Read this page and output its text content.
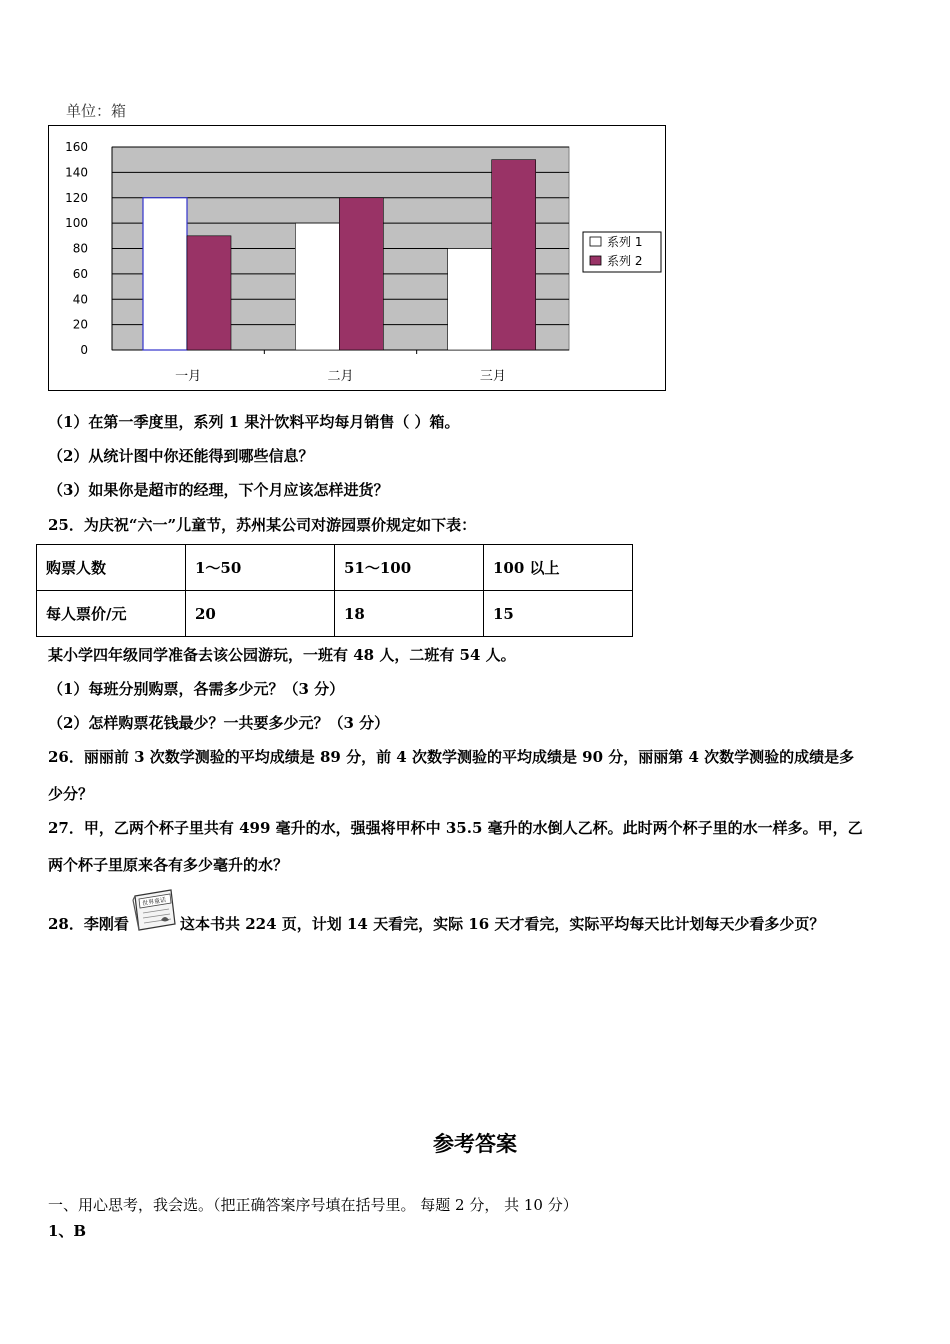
单位：箱
0
20
40
60
80
100
120
140
160
一月	二月	三月
系列 1
系列 2
（1）在第一季度里，系列 1 果汁饮料平均每月销售（ ）箱。
（2）从统计图中你还能得到哪些信息？
（3）如果你是超市的经理，下个月应该怎样进货？
25．为庆祝“六一”儿童节，苏州某公司对游园票价规定如下表：
购票人数	1～50	51～100	100 以上
每人票价/元	20	18	15
某小学四年级同学准备去该公园游玩，一班有 48 人，二班有 54 人。
（1）每班分别购票，各需多少元？（3 分）
（2）怎样购票花钱最少？一共要多少元？（3 分）
26．丽丽前 3 次数学测验的平均成绩是 89 分，前 4 次数学测验的平均成绩是 90 分，丽丽第 4 次数学测验的成绩是多
少分？
27．甲，乙两个杯子里共有 499 毫升的水，强强将甲杯中 35.5 毫升的水倒人乙杯。此时两个杯子里的水一样多。甲，乙
两个杯子里原来各有多少毫升的水？
28．李刚看
世界童话
这本书共 224 页，计划 14 天看完，实际 16 天才看完，实际平均每天比计划每天少看多少页？
参考答案
一、用心思考，我会选。（把正确答案序号填在括号里。 每题 2 分， 共 10 分）
1、B
